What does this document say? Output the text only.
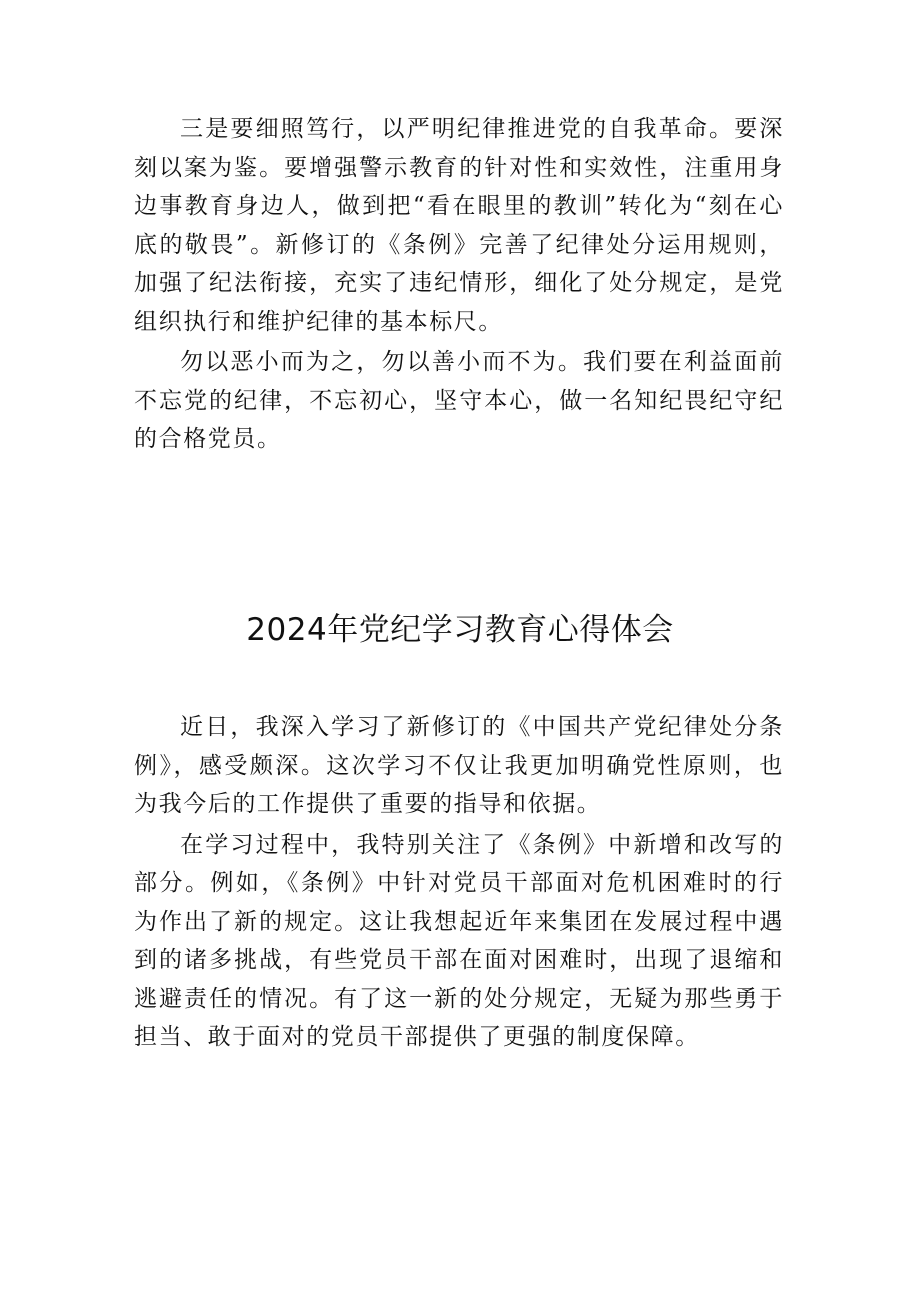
三是要细照笃行，以严明纪律推进党的自我革命。要深刻以案为鉴。要增强警示教育的针对性和实效性，注重用身边事教育身边人，做到把“看在眼里的教训”转化为“刻在心底的敬畏”。新修订的《条例》完善了纪律处分运用规则，加强了纪法衔接，充实了违纪情形，细化了处分规定，是党组织执行和维护纪律的基本标尺。

勿以恶小而为之，勿以善小而不为。我们要在利益面前不忘党的纪律，不忘初心，坚守本心，做一名知纪畏纪守纪的合格党员。

2024年党纪学习教育心得体会

近日，我深入学习了新修订的《中国共产党纪律处分条例》，感受颇深。这次学习不仅让我更加明确党性原则，也为我今后的工作提供了重要的指导和依据。

在学习过程中，我特别关注了《条例》中新增和改写的部分。例如，《条例》中针对党员干部面对危机困难时的行为作出了新的规定。这让我想起近年来集团在发展过程中遇到的诸多挑战，有些党员干部在面对困难时，出现了退缩和逃避责任的情况。有了这一新的处分规定，无疑为那些勇于担当、敢于面对的党员干部提供了更强的制度保障。
